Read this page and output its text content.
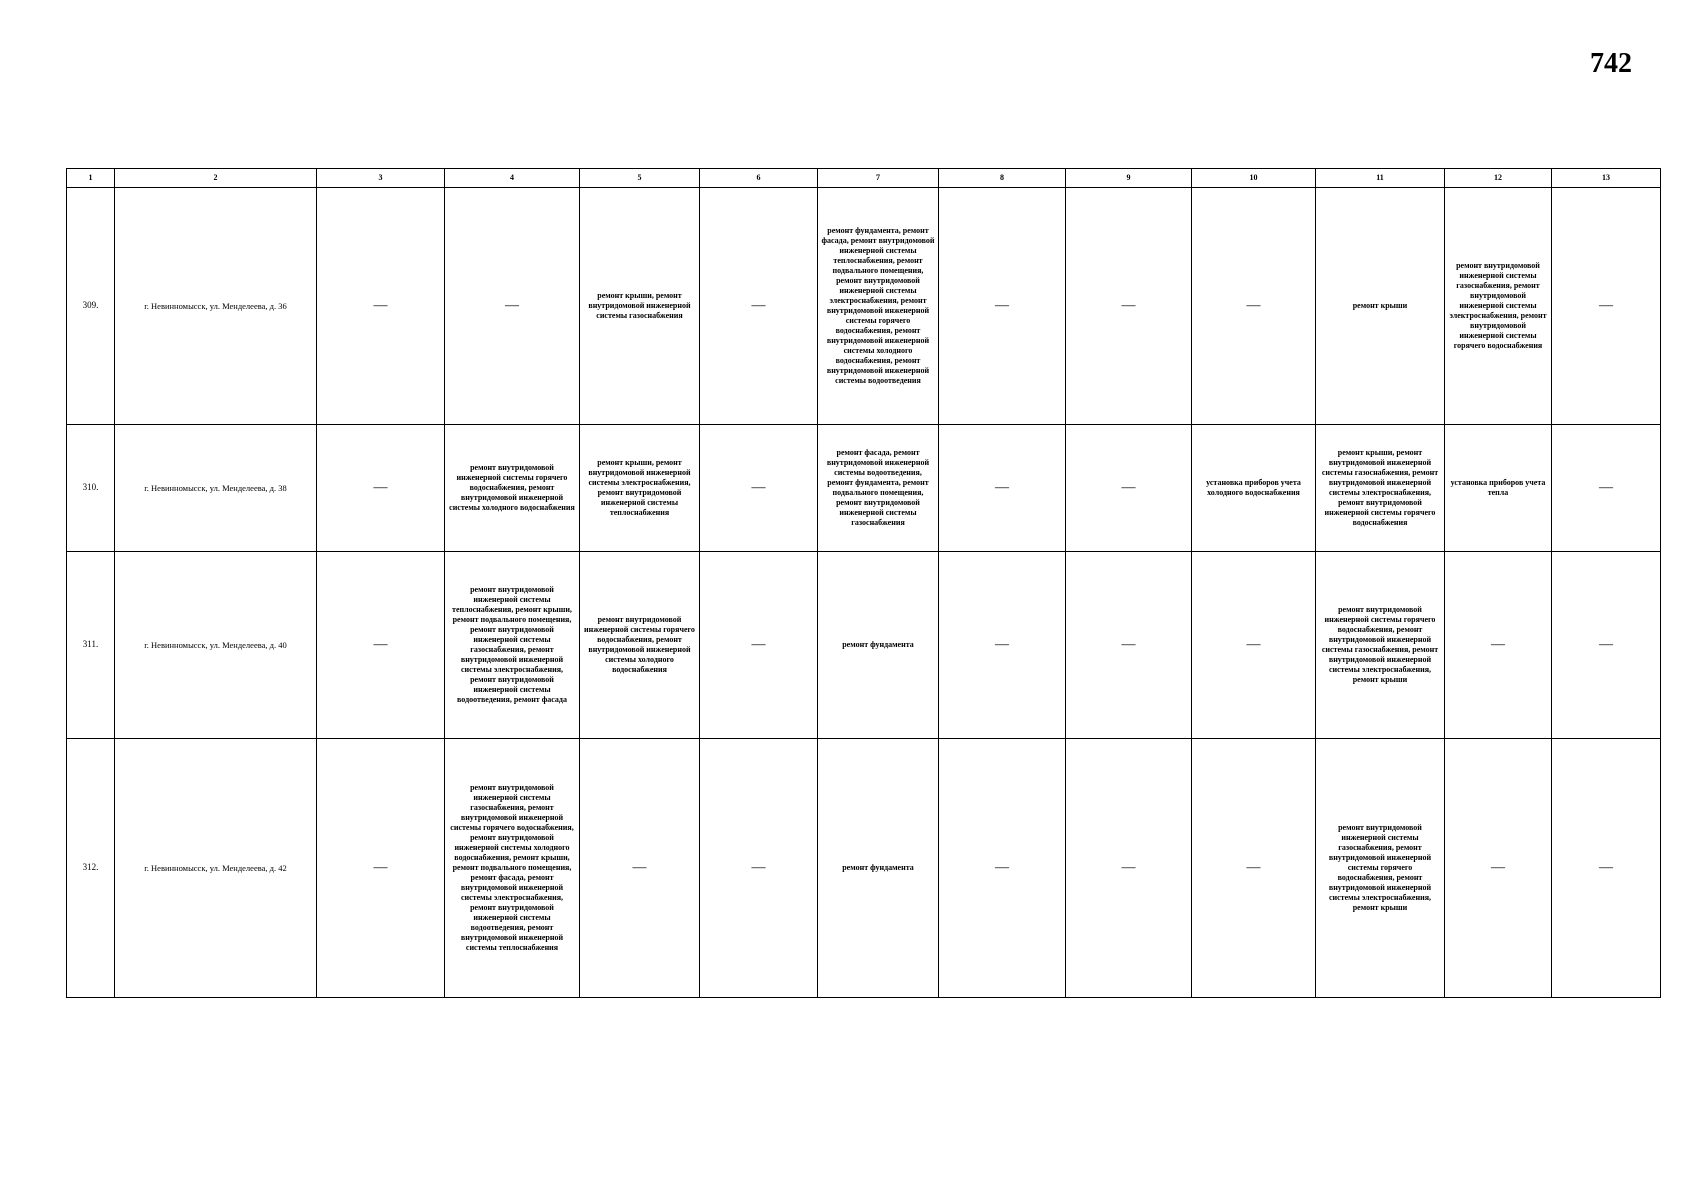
742
1	2	3	4	5	6	7	8	9	10	11	12	13
309.	г. Невинномысск, ул. Менделеева, д. 36	—	—	ремонт крыши, ремонт внутридомовой инженерной системы газоснабжения	—	ремонт фундамента, ремонт фасада, ремонт внутридомовой инженерной системы теплоснабжения, ремонт подвального помещения, ремонт внутридомовой инженерной системы электроснабжения, ремонт внутридомовой инженерной системы горячего водоснабжения, ремонт внутридомовой инженерной системы холодного водоснабжения, ремонт внутридомовой инженерной системы водоотведения	—	—	—	ремонт крыши	ремонт внутридомовой инженерной системы газоснабжения, ремонт внутридомовой инженерной системы электроснабжения, ремонт внутридомовой инженерной системы горячего водоснабжения	—
310.	г. Невинномысск, ул. Менделеева, д. 38	—	ремонт внутридомовой инженерной системы горячего водоснабжения, ремонт внутридомовой инженерной системы холодного водоснабжения	ремонт крыши, ремонт внутридомовой инженерной системы электроснабжения, ремонт внутридомовой инженерной системы теплоснабжения	—	ремонт фасада, ремонт внутридомовой инженерной системы водоотведения, ремонт фундамента, ремонт подвального помещения, ремонт внутридомовой инженерной системы газоснабжения	—	—	установка приборов учета холодного водоснабжения	ремонт крыши, ремонт внутридомовой инженерной системы газоснабжения, ремонт внутридомовой инженерной системы электроснабжения, ремонт внутридомовой инженерной системы горячего водоснабжения	установка приборов учета тепла	—
311.	г. Невинномысск, ул. Менделеева, д. 40	—	ремонт внутридомовой инженерной системы теплоснабжения, ремонт крыши, ремонт подвального помещения, ремонт внутридомовой инженерной системы газоснабжения, ремонт внутридомовой инженерной системы электроснабжения, ремонт внутридомовой инженерной системы водоотведения, ремонт фасада	ремонт внутридомовой инженерной системы горячего водоснабжения, ремонт внутридомовой инженерной системы холодного водоснабжения	—	ремонт фундамента	—	—	—	ремонт внутридомовой инженерной системы горячего водоснабжения, ремонт внутридомовой инженерной системы газоснабжения, ремонт внутридомовой инженерной системы электроснабжения, ремонт крыши	—	—
312.	г. Невинномысск, ул. Менделеева, д. 42	—	ремонт внутридомовой инженерной системы газоснабжения, ремонт внутридомовой инженерной системы горячего водоснабжения, ремонт внутридомовой инженерной системы холодного водоснабжения, ремонт крыши, ремонт подвального помещения, ремонт фасада, ремонт внутридомовой инженерной системы электроснабжения, ремонт внутридомовой инженерной системы водоотведения, ремонт внутридомовой инженерной системы теплоснабжения	—	—	ремонт фундамента	—	—	—	ремонт внутридомовой инженерной системы газоснабжения, ремонт внутридомовой инженерной системы горячего водоснабжения, ремонт внутридомовой инженерной системы электроснабжения, ремонт крыши	—	—
